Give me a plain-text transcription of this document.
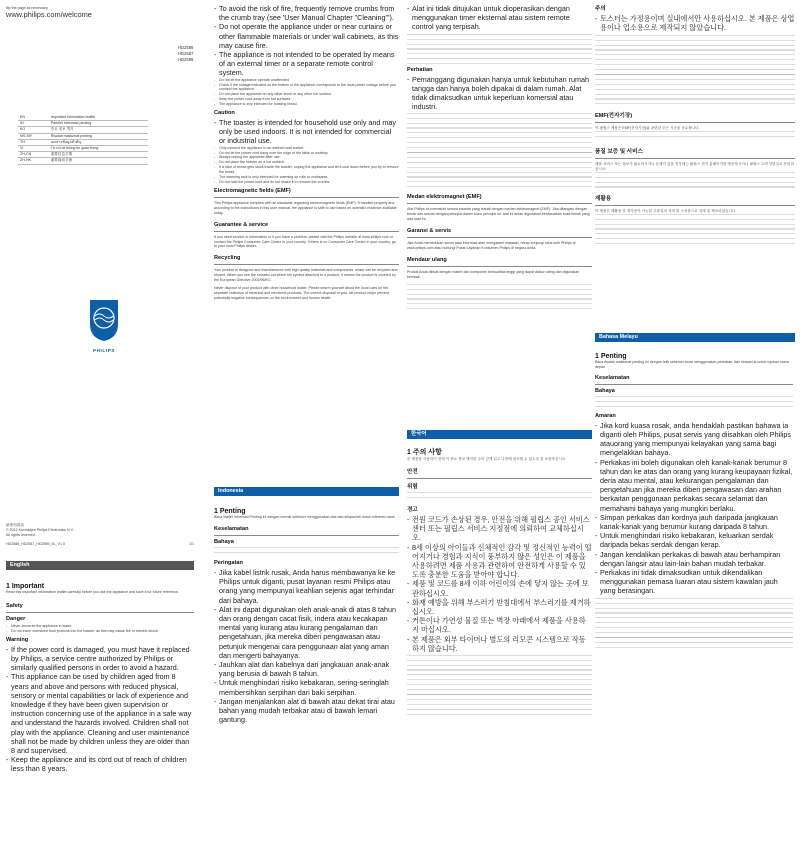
flip the page as necessary
www.philips.com/welcome
HD2586
HD2587
HD2589
EN	Important information leaflet
IN	Pamflet informasi penting
KO	중요 정보 책자
MS-MY	Risalah maklumat penting
TH	เอกสารข้อมูลสำคัญ
VI	Tờ rơi về thông tin quan trọng
ZH-CN	重要信息手册
ZH-HK	重要資訊手冊
PHILIPS
新系列資訊
© 2012 Koninklijke Philips Electronics N.V.
All rights reserved.
HD2586_HD2587_HD2589_IIL_V1.0	1/1
English
1 Important
Read this important information leaflet carefully before you use the appliance and save it for future reference.
Safety
Danger
- Never immerse the appliance in water.
- Do not insert oversized food portions into the toaster, as this may cause fire or electric shock.
Warning
- If the power cord is damaged, you must have it replaced by Philips, a service centre authorized by Philips or similarly qualified persons in order to avoid a hazard.
- This appliance can be used by children aged from 8 years and above and persons with reduced physical, sensory or mental capabilities or lack of experience and knowledge if they have been given supervision or instruction concerning use of the appliance in a safe way and understand the hazards involved. Children shall not play with the appliance. Cleaning and user maintenance shall not be made by children unless they are older than 8 and supervised.
- Keep the appliance and its cord out of reach of children less than 8 years.
- To avoid the risk of fire, frequently remove crumbs from the crumb tray (see 'User Manual Chapter "Cleaning"').
- Do not operate the appliance under or near curtains or other flammable materials or under wall cabinets, as this may cause fire.
- The appliance is not intended to be operated by means of an external timer or a separate remote control system.
- Do not let the appliance operate unattended.
- Check if the voltage indicated on the bottom of the appliance corresponds to the local power voltage before you connect the appliance.
- Do not place the appliance on any other stove or any other hot surface.
- Keep the power cord away from hot surfaces.
- The appliance is only intended for toasting bread.
Caution
- The toaster is intended for household use only and may only be used indoors. It is not intended for commercial or industrial use.
- Only connect the appliance to an earthed wall socket.
- Do not let the power cord hang over the edge of the table or worktop.
- Always unplug the appliance after use.
- Do not place the toaster on a hot surface.
- If a slice of bread gets stuck inside the toaster, unplug the appliance and let it cool down before you try to remove the bread.
- The warming rack is only intended for warming up rolls or croissants.
- Do not hold the power cord and do not shake it to remove the crumbs.
Electromagnetic fields (EMF)
This Philips appliance complies with all standards regarding electromagnetic fields (EMF). If handled properly and according to the instructions in this user manual, the appliance is safe to use based on scientific evidence available today.
Guarantee & service
If you need service or information or if you have a problem, please visit the Philips website at www.philips.com or contact the Philips Consumer Care Centre in your country. If there is no Consumer Care Centre in your country, go to your local Philips dealer.
Recycling
Your product is designed and manufactured with high quality materials and components, which can be recycled and reused. When you see the crossed-out wheel bin symbol attached to a product, it means the product is covered by the European Directive 2002/96/EC.
Never dispose of your product with other household waste. Please inform yourself about the local rules on the separate collection of electrical and electronic products. The correct disposal of your old product helps prevent potentially negative consequences on the environment and human health.
Indonesia
1 Penting
Baca leaflet Informasi Penting ini dengan cermat sebelum menggunakan alat dan simpanlah untuk referensi nanti.
Keselamatan
Bahaya
Peringatan
- Jika kabel listrik rusak, Anda harus membawanya ke ke Philips untuk diganti, pusat layanan resmi Philips atau orang yang mempunyai keahlian sejenis agar terhindar dari bahaya.
- Alat ini dapat digunakan oleh anak-anak di atas 8 tahun dan orang dengan cacat fisik, indera atau kecakapan mental yang kurang atau kurang pengalaman dan pengetahuan, jika mereka diberi pengawasan atau petunjuk mengenai cara penggunaan alat yang aman dan mengerti bahayanya.
- Jauhkan alat dan kabelnya dari jangkauan anak-anak yang berusia di bawah 8 tahun.
- Untuk menghindari risiko kebakaran, sering-seringlah membersihkan serpihan dari baki serpihan.
- Jangan menjalankan alat di bawah atau dekat tirai atau bahan yang mudah terbakar atau di bawah lemari gantung.
- Alat ini tidak ditujukan untuk dioperasikan dengan menggunakan timer eksternal atau sistem remote control yang terpisah.
Perhatian
- Pemanggang digunakan hanya untuk kebutuhan rumah tangga dan hanya boleh dipakai di dalam rumah. Alat tidak dimaksudkan untuk keperluan komersial atau industri.
Medan elektromagnet (EMF)
Alat Philips ini mematuhi semua standar yang terkait dengan medan elektromagnet (EMF). Jika ditangani dengan benar dan sesuai dengan petunjuk dalam buku petunjuk ini, alat ini aman digunakan berdasarkan bukti ilmiah yang ada saat ini.
Garansi & servis
Jika Anda memerlukan servis atau informasi atau mengalami masalah, harap kunjungi situs web Philips di www.philips.com atau hubungi Pusat Layanan Konsumen Philips di negara Anda.
Mendaur ulang
Produk Anda dibuat dengan materi dan komponen berkualitas tinggi yang dapat didaur ulang dan digunakan kembali.
한국어
1 주의 사항
본 제품을 사용하기 전에 이 중요 정보 책자를 주의 깊게 읽고 나중에 참조할 수 있도록 잘 보관하십시오.
안전
위험
경고
- 전원 코드가 손상된 경우, 안전을 위해 필립스 공인 서비스 센터 또는 필립스 서비스 지정점에 의뢰하여 교체하십시오.
- 8세 이상의 아이들과 신체적인 감각 및 정신적인 능력이 떨어지거나 경험과 지식이 풍부하지 않은 성인은 이 제품을 사용하려면 제품 사용과 관련하여 안전하게 사용할 수 있도록 충분한 도움을 받아야 합니다.
- 제품 및 코드를 8세 이하 어린이의 손에 닿지 않는 곳에 보관하십시오.
- 화재 예방을 위해 부스러기 받침대에서 부스러기를 제거하십시오.
- 커튼이나 가연성 물질 또는 벽장 아래에서 제품을 사용하지 마십시오.
- 본 제품은 외부 타이머나 별도의 리모콘 시스템으로 작동하지 않습니다.
주의
- 토스터는 가정용이며 실내에서만 사용하십시오. 본 제품은 상업용이나 업소용으로 제작되지 않았습니다.
EMF(전자기장)
이 필립스 제품은 EMF(전자기장)와 관련된 모든 기준을 준수합니다.
품질 보증 및 서비스
제품 서비스 또는 정보가 필요하시거나 문제가 있을 경우에는 필립스 전자 홈페이지를 방문하시거나 필립스 고객 상담실로 문의하십시오.
재활용
이 제품은 재활용 및 재사용이 가능한 고품질의 자재 및 구성품으로 설계 및 제조되었습니다.
Bahasa Melayu
1 Penting
Baca risalah maklumat penting ini dengan teliti sebelum anda menggunakan perkakas, dan simpan ia untuk rujukan masa depan.
Keselamatan
Bahaya
Amaran
- Jika kord kuasa rosak, anda hendaklah pastikan bahawa ia diganti oleh Philips, pusat servis yang diisahkan oleh Philips atauorang yang mempunyai kelayakan yang sama bagi mengelakkan bahaya.
- Perkakas ini boleh digunakan oleh kanak-kanak berumur 8 tahun dan ke atas dan orang yang kurang keupayaan fizikal, deria atau mental, atau kekurangan pengalaman dan pengetahuan jika mereka diberi pengawasan dan arahan berkaitan penggunaan perkakas secara selamat dan memahami bahaya yang mungkin berlaku.
- Simpan perkakas dan kordnya jauh daripada jangkauan kanak-kanak yang berumur kurang daripada 8 tahun.
- Untuk menghindari risiko kebakaran, keluarkan serdak daripada bekas serdak dengan kerap.
- Jangan kendalikan perkakas di bawah atau berhampiran dengan langsir atau lain-lain bahan mudah terbakar.
- Perkakas ini tidak dimaksudkan untuk dikendalikan menggunakan pemasa luaran atau sistem kawalan jauh yang berasingan.
